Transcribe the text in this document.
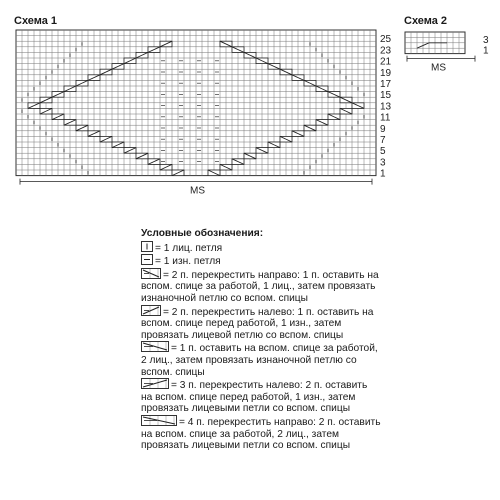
Схема 1	Схема 2
25
23
21
19
17
15
13
11
9
7
5
3
1
MS
3
1
MS
Условные обозначения:
= 1 лиц. петля
= 1 изн. петля
= 2 п. перекрестить направо: 1 п. оставить на вспом. спице за работой, 1 лиц., затем провязать изнаночной петлю со вспом. спицы
= 2 п. перекрестить налево: 1 п. оставить на вспом. спице перед работой, 1 изн., затем провязать лицевой петлю со вспом. спицы
= 1 п. оставить на вспом. спице за работой, 2 лиц., затем провязать изнаночной петлю со вспом. спицы
= 3 п. перекрестить налево: 2 п. оставить на вспом. спице перед работой, 1 изн., затем провязать лицевыми петли со вспом. спицы
= 4 п. перекрестить направо: 2 п. оставить на вспом. спице за работой, 2 лиц., затем провязать лицевыми петли со вспом. спицы
